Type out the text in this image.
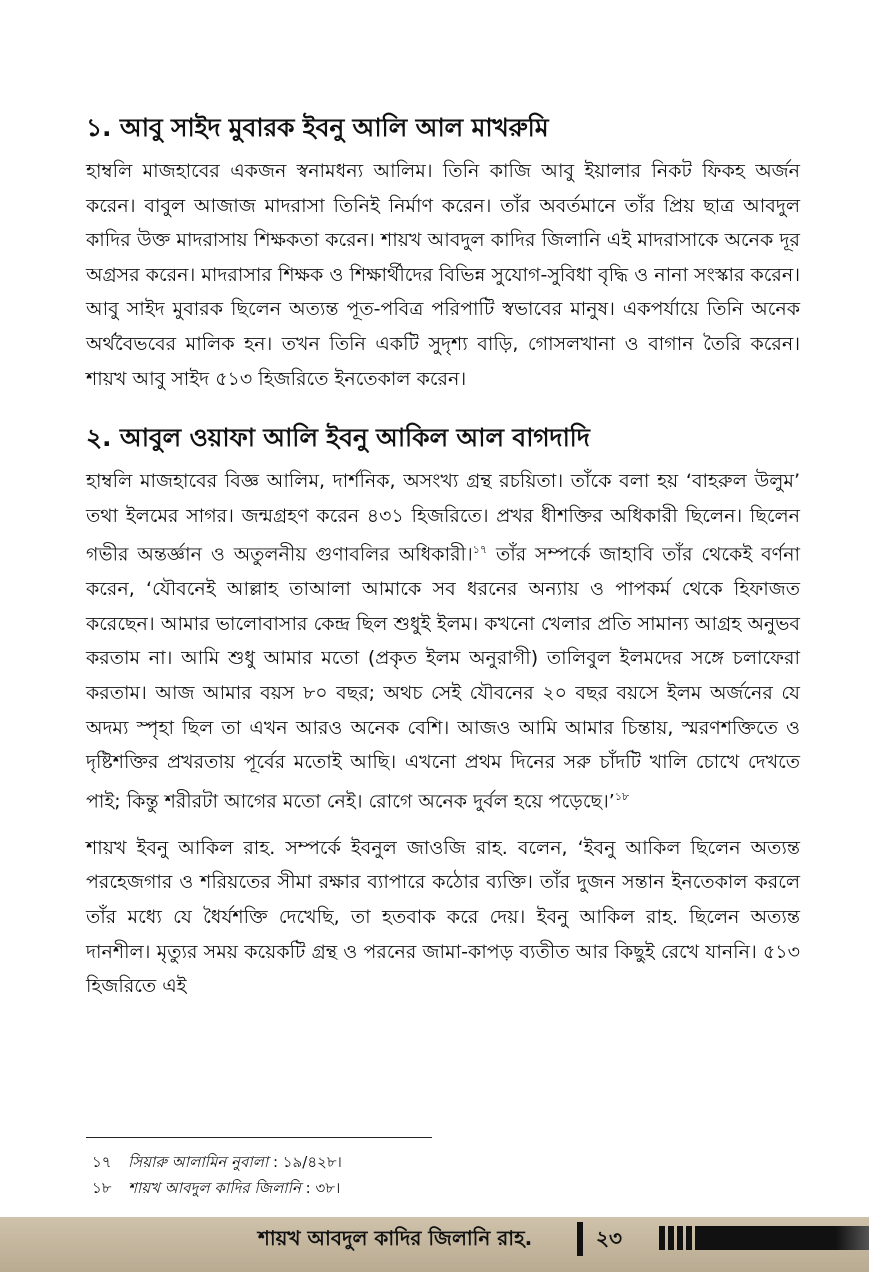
১. আবু সাইদ মুবারক ইবনু আলি আল মাখরুমি

হাম্বলি মাজহাবের একজন স্বনামধন্য আলিম। তিনি কাজি আবু ইয়ালার নিকট ফিকহ অর্জন করেন। বাবুল আজাজ মাদরাসা তিনিই নির্মাণ করেন। তাঁর অবর্তমানে তাঁর প্রিয় ছাত্র আবদুল কাদির উক্ত মাদরাসায় শিক্ষকতা করেন। শায়খ আবদুল কাদির জিলানি এই মাদরাসাকে অনেক দূর অগ্রসর করেন। মাদরাসার শিক্ষক ও শিক্ষার্থীদের বিভিন্ন সুযোগ-সুবিধা বৃদ্ধি ও নানা সংস্কার করেন। আবু সাইদ মুবারক ছিলেন অত্যন্ত পূত-পবিত্র পরিপাটি স্বভাবের মানুষ। একপর্যায়ে তিনি অনেক অর্থবৈভবের মালিক হন। তখন তিনি একটি সুদৃশ্য বাড়ি, গোসলখানা ও বাগান তৈরি করেন। শায়খ আবু সাইদ ৫১৩ হিজরিতে ইনতেকাল করেন।

২. আবুল ওয়াফা আলি ইবনু আকিল আল বাগদাদি

হাম্বলি মাজহাবের বিজ্ঞ আলিম, দার্শনিক, অসংখ্য গ্রন্থ রচয়িতা। তাঁকে বলা হয় ‘বাহরুল উলুম’ তথা ইলমের সাগর। জন্মগ্রহণ করেন ৪৩১ হিজরিতে। প্রখর ধীশক্তির অধিকারী ছিলেন। ছিলেন গভীর অন্তর্জ্ঞান ও অতুলনীয় গুণাবলির অধিকারী।$^{১৭}$ তাঁর সম্পর্কে জাহাবি তাঁর থেকেই বর্ণনা করেন, ‘যৌবনেই আল্লাহ তাআলা আমাকে সব ধরনের অন্যায় ও পাপকর্ম থেকে হিফাজত করেছেন। আমার ভালোবাসার কেন্দ্র ছিল শুধুই ইলম। কখনো খেলার প্রতি সামান্য আগ্রহ অনুভব করতাম না। আমি শুধু আমার মতো (প্রকৃত ইলম অনুরাগী) তালিবুল ইলমদের সঙ্গে চলাফেরা করতাম। আজ আমার বয়স ৮০ বছর; অথচ সেই যৌবনের ২০ বছর বয়সে ইলম অর্জনের যে অদম্য স্পৃহা ছিল তা এখন আরও অনেক বেশি। আজও আমি আমার চিন্তায়, স্মরণশক্তিতে ও দৃষ্টিশক্তির প্রখরতায় পূর্বের মতোই আছি। এখনো প্রথম দিনের সরু চাঁদটি খালি চোখে দেখতে পাই; কিন্তু শরীরটা আগের মতো নেই। রোগে অনেক দুর্বল হয়ে পড়েছে।’$^{১৮}$

শায়খ ইবনু আকিল রাহ. সম্পর্কে ইবনুল জাওজি রাহ. বলেন, ‘ইবনু আকিল ছিলেন অত্যন্ত পরহেজগার ও শরিয়তের সীমা রক্ষার ব্যাপারে কঠোর ব্যক্তি। তাঁর দুজন সন্তান ইনতেকাল করলে তাঁর মধ্যে যে ধৈর্যশক্তি দেখেছি, তা হতবাক করে দেয়। ইবনু আকিল রাহ. ছিলেন অত্যন্ত দানশীল। মৃত্যুর সময় কয়েকটি গ্রন্থ ও পরনের জামা-কাপড় ব্যতীত আর কিছুই রেখে যাননি। ৫১৩ হিজরিতে এই

১৭ সিয়ারু আলামিন নুবালা : ১৯/৪২৮।
১৮ শায়খ আবদুল কাদির জিলানি : ৩৮।
শায়খ আবদুল কাদির জিলানি রাহ.	২৩
